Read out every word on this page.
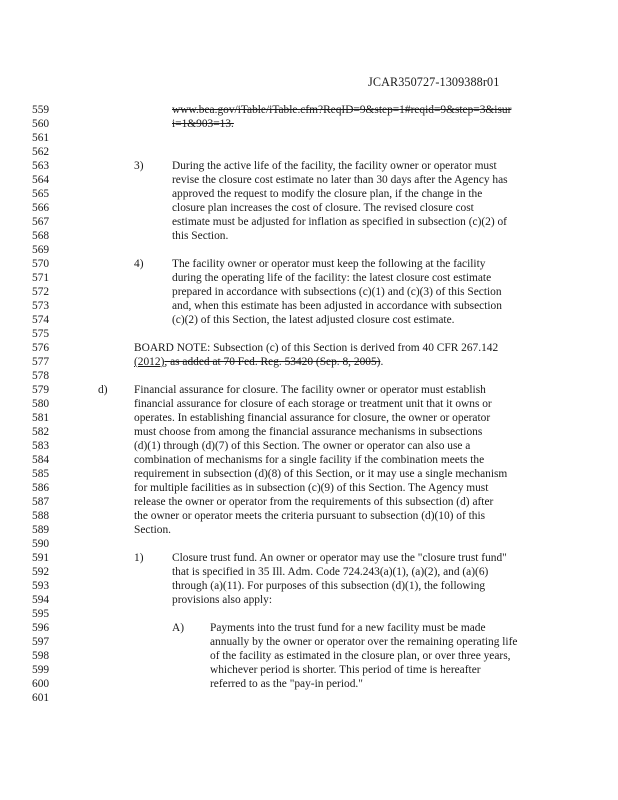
JCAR350727-1309388r01
559
560
561
562
563
564
565
566
567
568
569
570
571
572
573
574
575
576
577
578
579
580
581
582
583
584
585
586
587
588
589
590
591
592
593
594
595
596
597
598
599
600
601
www.bea.gov/iTable/iTable.cfm?ReqID=9&step=1#reqid=9&step=3&isur
i=1&903=13.
3)	During the active life of the facility, the facility owner or operator must
revise the closure cost estimate no later than 30 days after the Agency has
approved the request to modify the closure plan, if the change in the
closure plan increases the cost of closure. The revised closure cost
estimate must be adjusted for inflation as specified in subsection (c)(2) of
this Section.
4)	The facility owner or operator must keep the following at the facility
during the operating life of the facility: the latest closure cost estimate
prepared in accordance with subsections (c)(1) and (c)(3) of this Section
and, when this estimate has been adjusted in accordance with subsection
(c)(2) of this Section, the latest adjusted closure cost estimate.
BOARD NOTE: Subsection (c) of this Section is derived from 40 CFR 267.142
(2012), as added at 70 Fed. Reg. 53420 (Sep. 8, 2005).
d) Financial assurance for closure. The facility owner or operator must establish
financial assurance for closure of each storage or treatment unit that it owns or
operates. In establishing financial assurance for closure, the owner or operator
must choose from among the financial assurance mechanisms in subsections
(d)(1) through (d)(7) of this Section. The owner or operator can also use a
combination of mechanisms for a single facility if the combination meets the
requirement in subsection (d)(8) of this Section, or it may use a single mechanism
for multiple facilities as in subsection (c)(9) of this Section. The Agency must
release the owner or operator from the requirements of this subsection (d) after
the owner or operator meets the criteria pursuant to subsection (d)(10) of this
Section.
1)	Closure trust fund. An owner or operator may use the "closure trust fund"
that is specified in 35 Ill. Adm. Code 724.243(a)(1), (a)(2), and (a)(6)
through (a)(11). For purposes of this subsection (d)(1), the following
provisions also apply:
A) Payments into the trust fund for a new facility must be made
annually by the owner or operator over the remaining operating life
of the facility as estimated in the closure plan, or over three years,
whichever period is shorter. This period of time is hereafter
referred to as the "pay-in period."
